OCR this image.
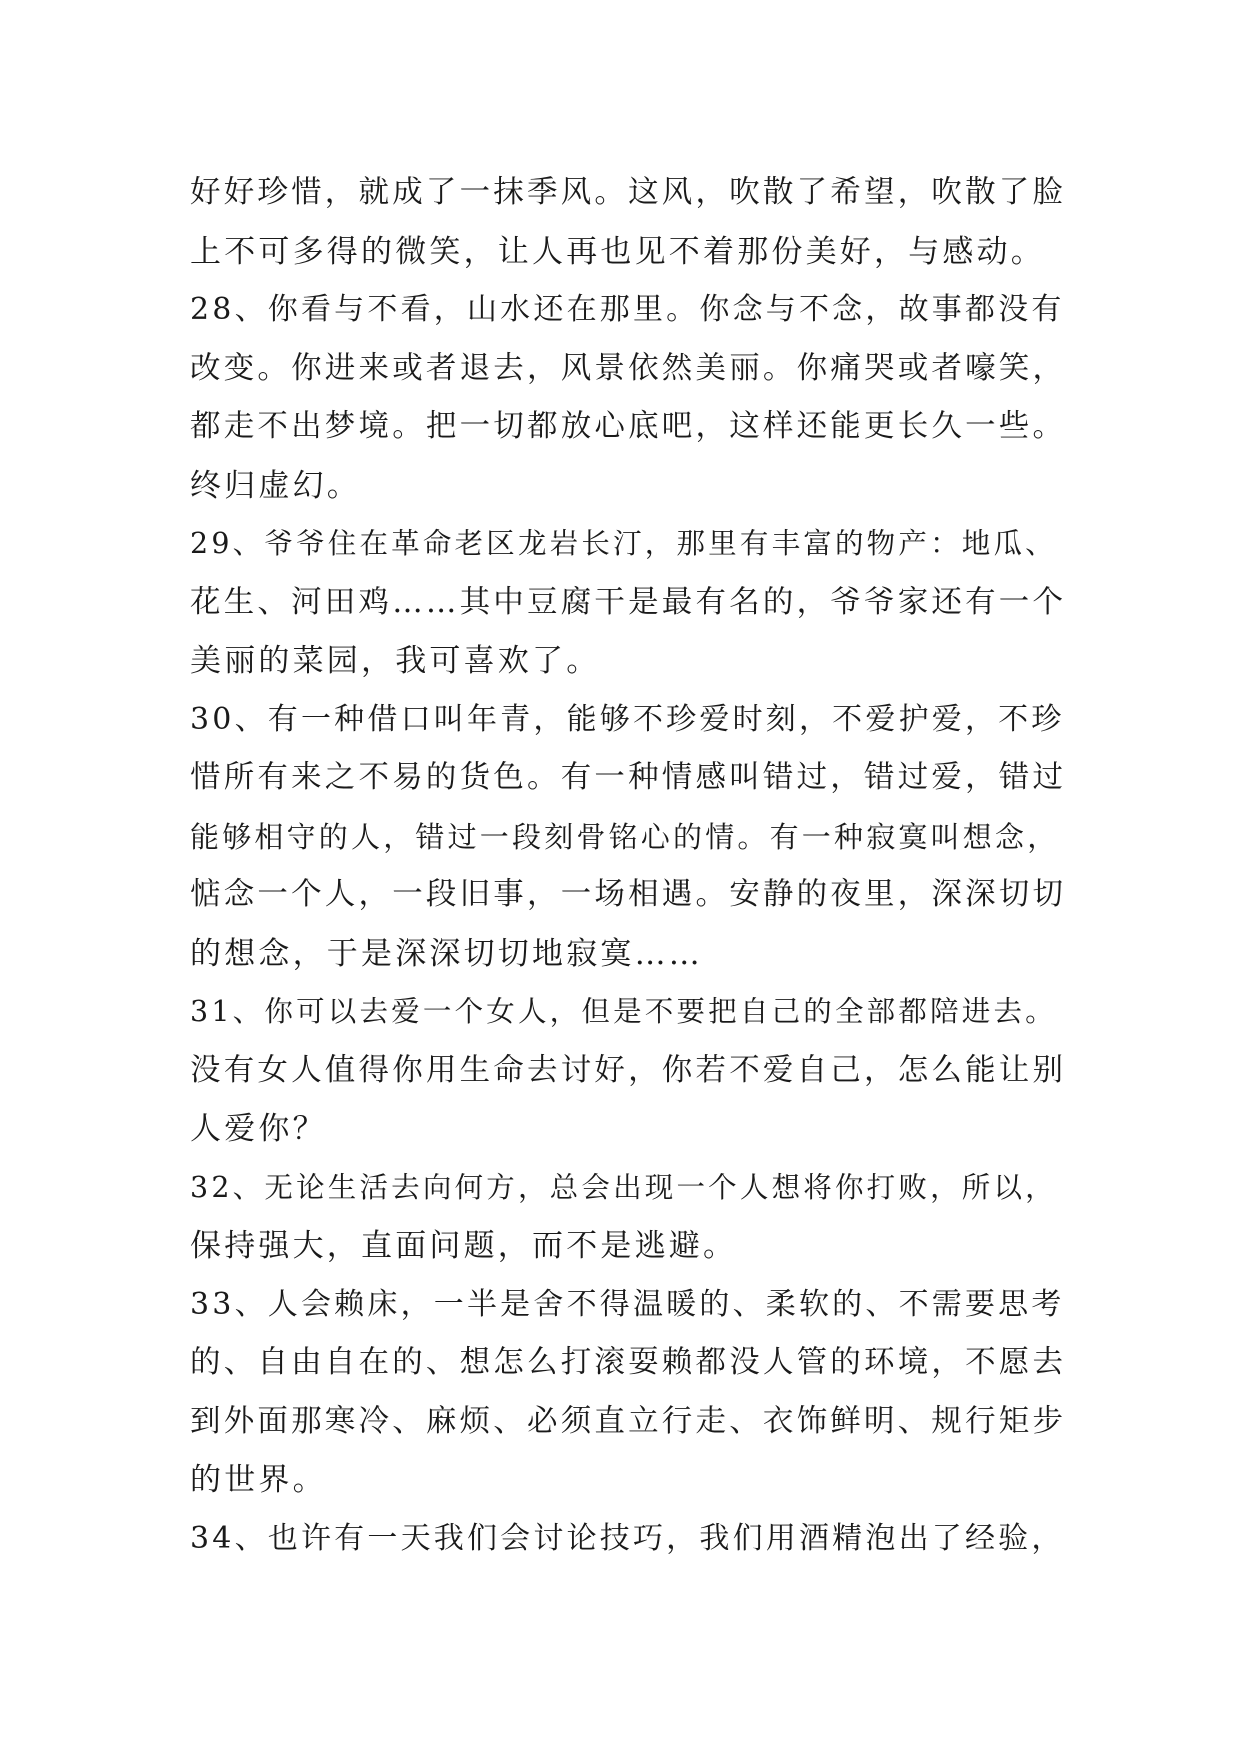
好好珍惜，就成了一抹季风。这风，吹散了希望，吹散了脸
上不可多得的微笑，让人再也见不着那份美好，与感动。
28、你看与不看，山水还在那里。你念与不念，故事都没有
改变。你进来或者退去，风景依然美丽。你痛哭或者嚎笑，
都走不出梦境。把一切都放心底吧，这样还能更长久一些。
终归虚幻。
29、爷爷住在革命老区龙岩长汀，那里有丰富的物产：地瓜、
花生、河田鸡……其中豆腐干是最有名的，爷爷家还有一个
美丽的菜园，我可喜欢了。
30、有一种借口叫年青，能够不珍爱时刻，不爱护爱，不珍
惜所有来之不易的货色。有一种情感叫错过，错过爱，错过
能够相守的人，错过一段刻骨铭心的情。有一种寂寞叫想念，
惦念一个人，一段旧事，一场相遇。安静的夜里，深深切切
的想念，于是深深切切地寂寞……
31、你可以去爱一个女人，但是不要把自己的全部都陪进去。
没有女人值得你用生命去讨好，你若不爱自己，怎么能让别
人爱你？
32、无论生活去向何方，总会出现一个人想将你打败，所以，
保持强大，直面问题，而不是逃避。
33、人会赖床，一半是舍不得温暖的、柔软的、不需要思考
的、自由自在的、想怎么打滚耍赖都没人管的环境，不愿去
到外面那寒冷、麻烦、必须直立行走、衣饰鲜明、规行矩步
的世界。
34、也许有一天我们会讨论技巧，我们用酒精泡出了经验，
